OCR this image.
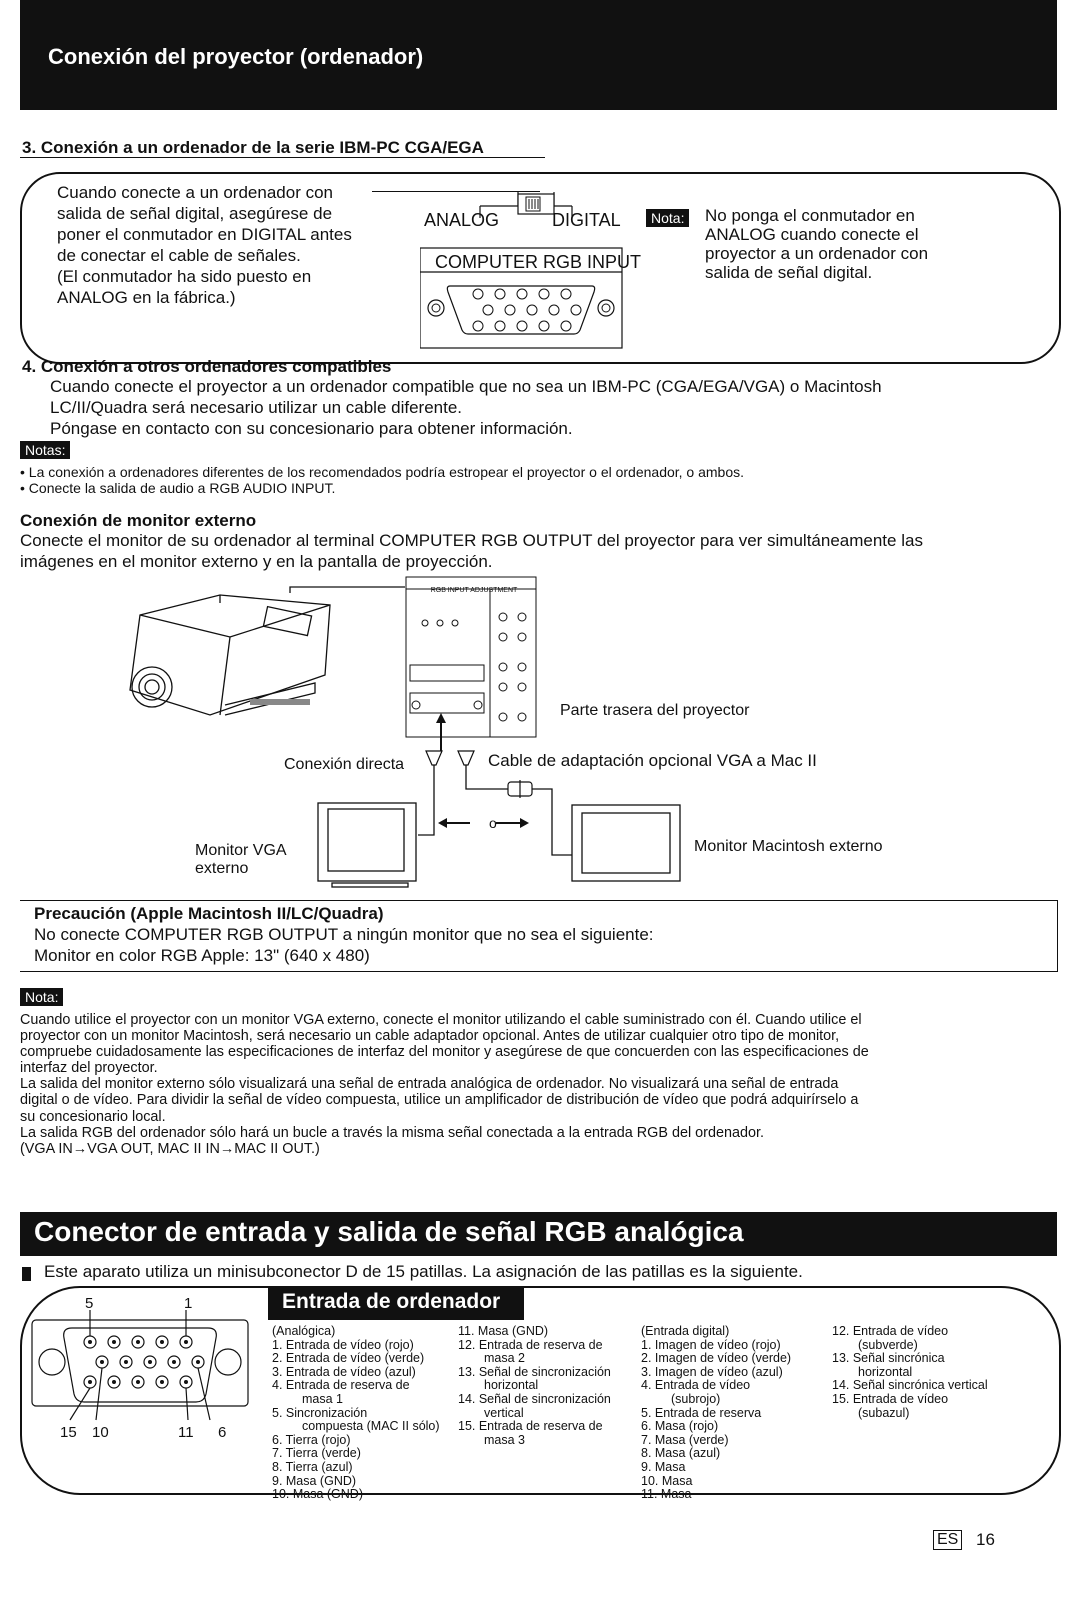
Conexión del proyector (ordenador)
3. Conexión a un ordenador de la serie IBM-PC CGA/EGA
Cuando conecte a un ordenador con
salida de señal digital, asegúrese de
poner el conmutador en DIGITAL antes
de conectar el cable de señales.
(El conmutador ha sido puesto en
ANALOG en la fábrica.)
ANALOG	DIGITAL
COMPUTER RGB INPUT
Nota: No ponga el conmutador en
ANALOG cuando conecte el
proyector a un ordenador con
salida de señal digital.
4. Conexión a otros ordenadores compatibles
Cuando conecte el proyector a un ordenador compatible que no sea un IBM-PC (CGA/EGA/VGA) o Macintosh
LC/II/Quadra será necesario utilizar un cable diferente.
Póngase en contacto con su concesionario para obtener información.
Notas:
• La conexión a ordenadores diferentes de los recomendados podría estropear el proyector o el ordenador, o ambos.
• Conecte la salida de audio a RGB AUDIO INPUT.
Conexión de monitor externo
Conecte el monitor de su ordenador al terminal COMPUTER RGB OUTPUT del proyector para ver simultáneamente las
imágenes en el monitor externo y en la pantalla de proyección.
RGB INPUT ADJUSTMENT
Parte trasera del proyector
Conexión directa	Cable de adaptación opcional VGA a Mac II
o
Monitor VGA
externo
Monitor Macintosh externo
Precaución (Apple Macintosh II/LC/Quadra)
No conecte COMPUTER RGB OUTPUT a ningún monitor que no sea el siguiente:
Monitor en color RGB Apple: 13" (640 x 480)
Nota:
Cuando utilice el proyector con un monitor VGA externo, conecte el monitor utilizando el cable suministrado con él. Cuando utilice el
proyector con un monitor Macintosh, será necesario un cable adaptador opcional. Antes de utilizar cualquier otro tipo de monitor,
compruebe cuidadosamente las especificaciones de interfaz del monitor y asegúrese de que concuerden con las especificaciones de
interfaz del proyector.
La salida del monitor externo sólo visualizará una señal de entrada analógica de ordenador. No visualizará una señal de entrada
digital o de vídeo. Para dividir la señal de vídeo compuesta, utilice un amplificador de distribución de vídeo que podrá adquirírselo a
su concesionario local.
La salida RGB del ordenador sólo hará un bucle a través la misma señal conectada a la entrada RGB del ordenador.
(VGA IN→VGA OUT, MAC II IN→MAC II OUT.)
Conector de entrada y salida de señal RGB analógica
Este aparato utiliza un minisubconector D de 15 patillas. La asignación de las patillas es la siguiente.
Entrada de ordenador
5	1
15 10	11 6
(Analógica)
1. Entrada de vídeo (rojo)
2. Entrada de vídeo (verde)
3. Entrada de vídeo (azul)
4. Entrada de reserva de
masa 1
5. Sincronización
compuesta (MAC II sólo)
6. Tierra (rojo)
7. Tierra (verde)
8. Tierra (azul)
9. Masa (GND)
10. Masa (GND)
11. Masa (GND)
12. Entrada de reserva de
masa 2
13. Señal de sincronización
horizontal
14. Señal de sincronización
vertical
15. Entrada de reserva de
masa 3
(Entrada digital)
1. Imagen de vídeo (rojo)
2. Imagen de vídeo (verde)
3. Imagen de vídeo (azul)
4. Entrada de vídeo
(subrojo)
5. Entrada de reserva
6. Masa (rojo)
7. Masa (verde)
8. Masa (azul)
9. Masa
10. Masa
11. Masa
12. Entrada de vídeo
(subverde)
13. Señal sincrónica
horizontal
14. Señal sincrónica vertical
15. Entrada de vídeo
(subazul)
ES 16
